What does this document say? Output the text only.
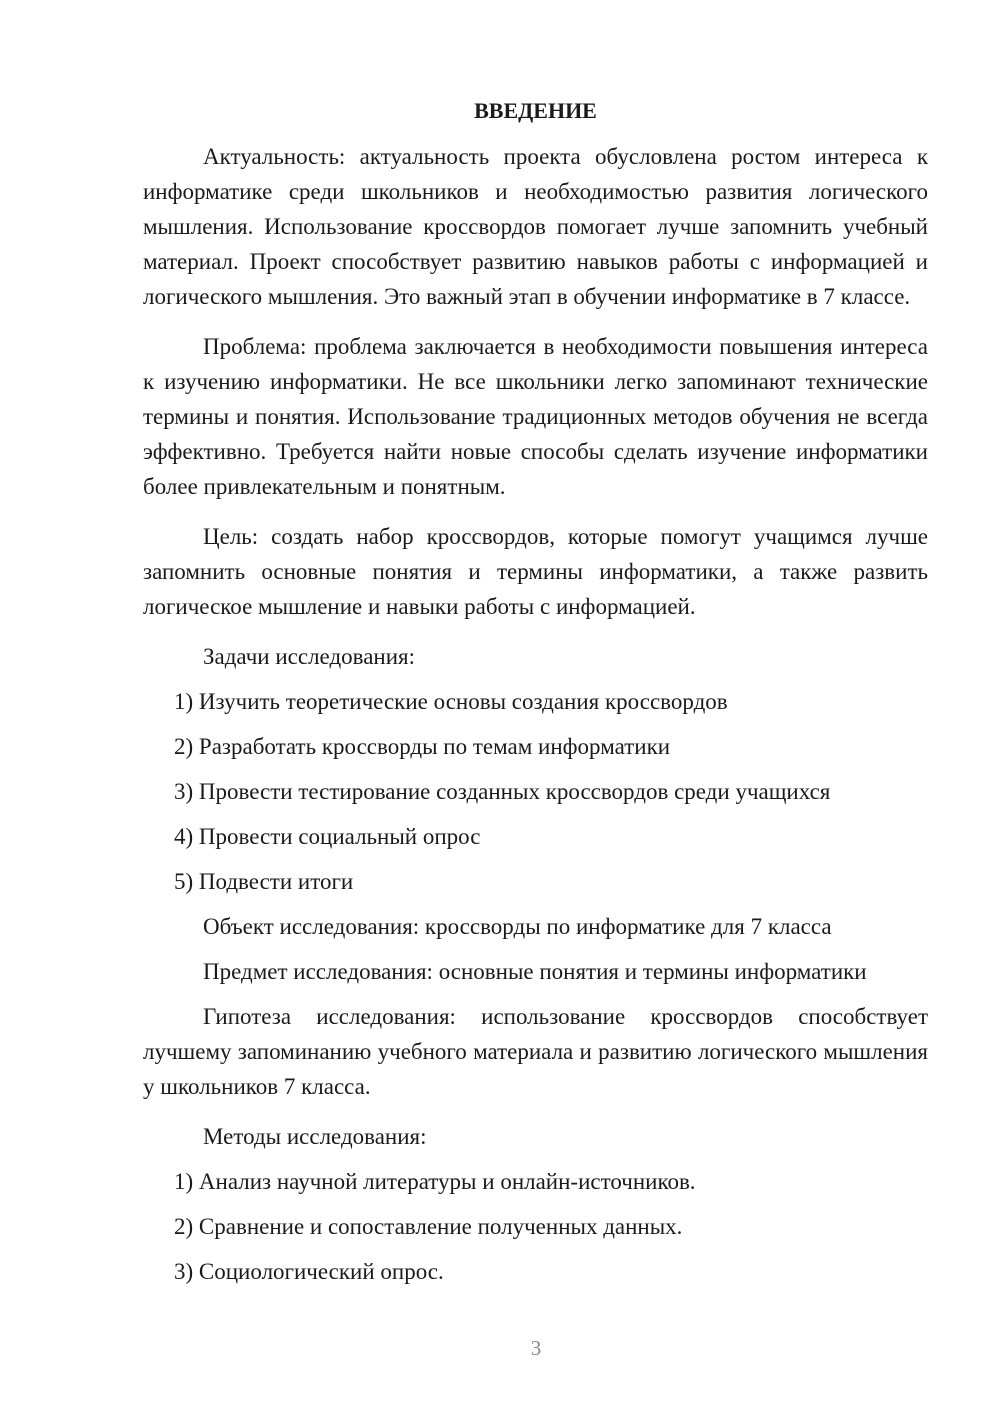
ВВЕДЕНИЕ

Актуальность: актуальность проекта обусловлена ростом интереса к информатике среди школьников и необходимостью развития логического мышления. Использование кроссвордов помогает лучше запомнить учебный материал. Проект способствует развитию навыков работы с информацией и логического мышления. Это важный этап в обучении информатике в 7 классе.

Проблема: проблема заключается в необходимости повышения интереса к изучению информатики. Не все школьники легко запоминают технические термины и понятия. Использование традиционных методов обучения не всегда эффективно. Требуется найти новые способы сделать изучение информатики более привлекательным и понятным.

Цель: создать набор кроссвордов, которые помогут учащимся лучше запомнить основные понятия и термины информатики, а также развить логическое мышление и навыки работы с информацией.

Задачи исследования:
1) Изучить теоретические основы создания кроссвордов
2) Разработать кроссворды по темам информатики
3) Провести тестирование созданных кроссвордов среди учащихся
4) Провести социальный опрос
5) Подвести итоги
Объект исследования: кроссворды по информатике для 7 класса
Предмет исследования: основные понятия и термины информатики

Гипотеза исследования: использование кроссвордов способствует лучшему запоминанию учебного материала и развитию логического мышления у школьников 7 класса.

Методы исследования:
1) Анализ научной литературы и онлайн-источников.
2) Сравнение и сопоставление полученных данных.
3) Социологический опрос.
3
